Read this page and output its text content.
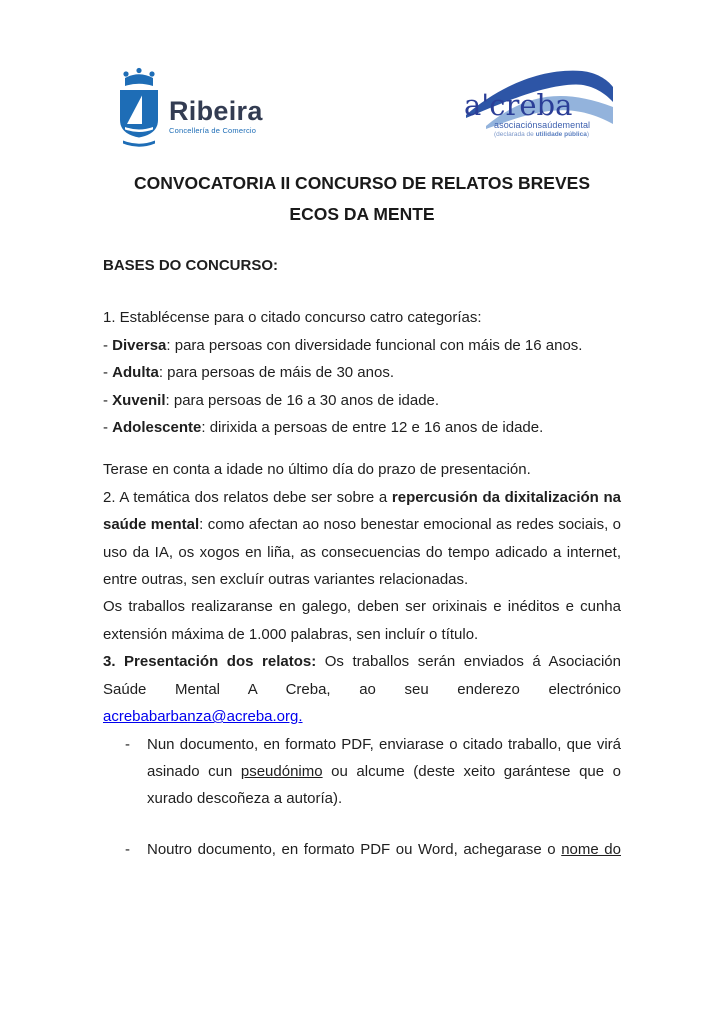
Ribeira
Concellería de Comercio
a'creba
asociaciónsaúdemental
(declarada de utilidade pública)
CONVOCATORIA II CONCURSO DE RELATOS BREVES
ECOS DA MENTE
BASES DO CONCURSO:

1. Establécense para o citado concurso catro categorías:

- Diversa: para persoas con diversidade funcional con máis de 16 anos.
- Adulta: para persoas de máis de 30 anos.
- Xuvenil: para persoas de 16 a 30 anos de idade.
- Adolescente: dirixida a persoas de entre 12 e 16 anos de idade.

Terase en conta a idade no último día do prazo de presentación.

2. A temática dos relatos debe ser sobre a repercusión da dixitalización na saúde mental: como afectan ao noso benestar emocional as redes sociais, o uso da IA, os xogos en liña, as consecuencias do tempo adicado a internet, entre outras, sen excluír outras variantes relacionadas.

Os traballos realizaranse en galego, deben ser orixinais e inéditos e cunha extensión máxima de 1.000 palabras, sen incluír o título.

3. Presentación dos relatos: Os traballos serán enviados á Asociación Saúde Mental A Creba, ao seu enderezo electrónico acrebabarbanza@acreba.org.

- Nun documento, en formato PDF, enviarase o citado traballo, que virá asinado cun pseudónimo ou alcume (deste xeito garántese que o xurado descoñeza a autoría).
- Noutro documento, en formato PDF ou Word, achegarase o nome do
